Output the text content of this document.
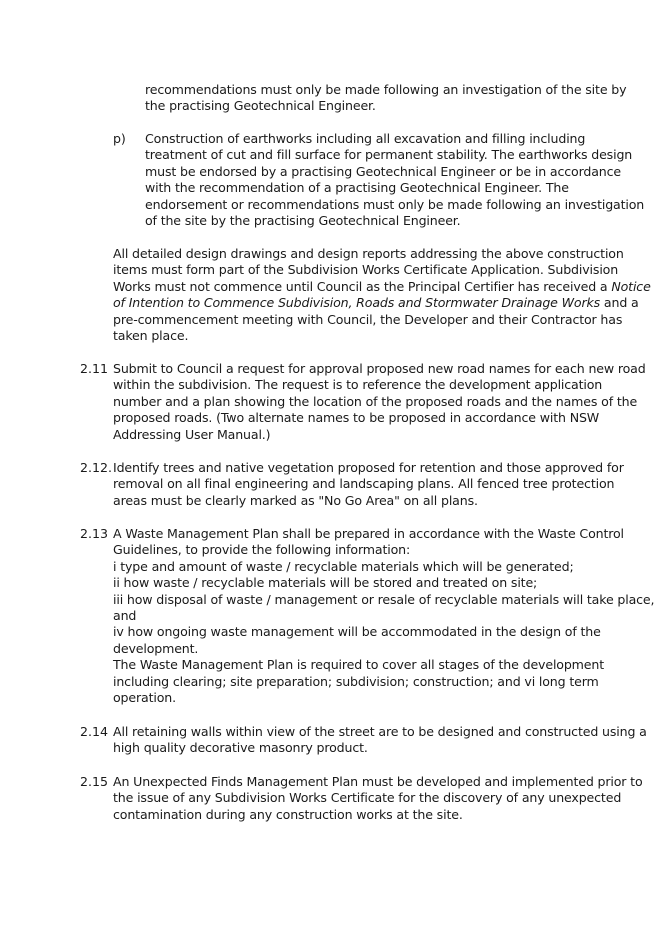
recommendations must only be made following an investigation of the site by
the practising Geotechnical Engineer.
p) Construction of earthworks including all excavation and filling including
treatment of cut and fill surface for permanent stability. The earthworks design
must be endorsed by a practising Geotechnical Engineer or be in accordance
with the recommendation of a practising Geotechnical Engineer. The
endorsement or recommendations must only be made following an investigation
of the site by the practising Geotechnical Engineer.
All detailed design drawings and design reports addressing the above construction
items must form part of the Subdivision Works Certificate Application. Subdivision
Works must not commence until Council as the Principal Certifier has received a Notice
of Intention to Commence Subdivision, Roads and Stormwater Drainage Works and a
pre-commencement meeting with Council, the Developer and their Contractor has
taken place.
2.11 Submit to Council a request for approval proposed new road names for each new road
within the subdivision. The request is to reference the development application
number and a plan showing the location of the proposed roads and the names of the
proposed roads. (Two alternate names to be proposed in accordance with NSW
Addressing User Manual.)
2.12. Identify trees and native vegetation proposed for retention and those approved for
removal on all final engineering and landscaping plans. All fenced tree protection
areas must be clearly marked as "No Go Area" on all plans.
2.13 A Waste Management Plan shall be prepared in accordance with the Waste Control
Guidelines, to provide the following information:
i type and amount of waste / recyclable materials which will be generated;
ii how waste / recyclable materials will be stored and treated on site;
iii how disposal of waste / management or resale of recyclable materials will take place,
and
iv how ongoing waste management will be accommodated in the design of the
development.
The Waste Management Plan is required to cover all stages of the development
including clearing; site preparation; subdivision; construction; and vi long term
operation.
2.14 All retaining walls within view of the street are to be designed and constructed using a
high quality decorative masonry product.
2.15 An Unexpected Finds Management Plan must be developed and implemented prior to
the issue of any Subdivision Works Certificate for the discovery of any unexpected
contamination during any construction works at the site.
